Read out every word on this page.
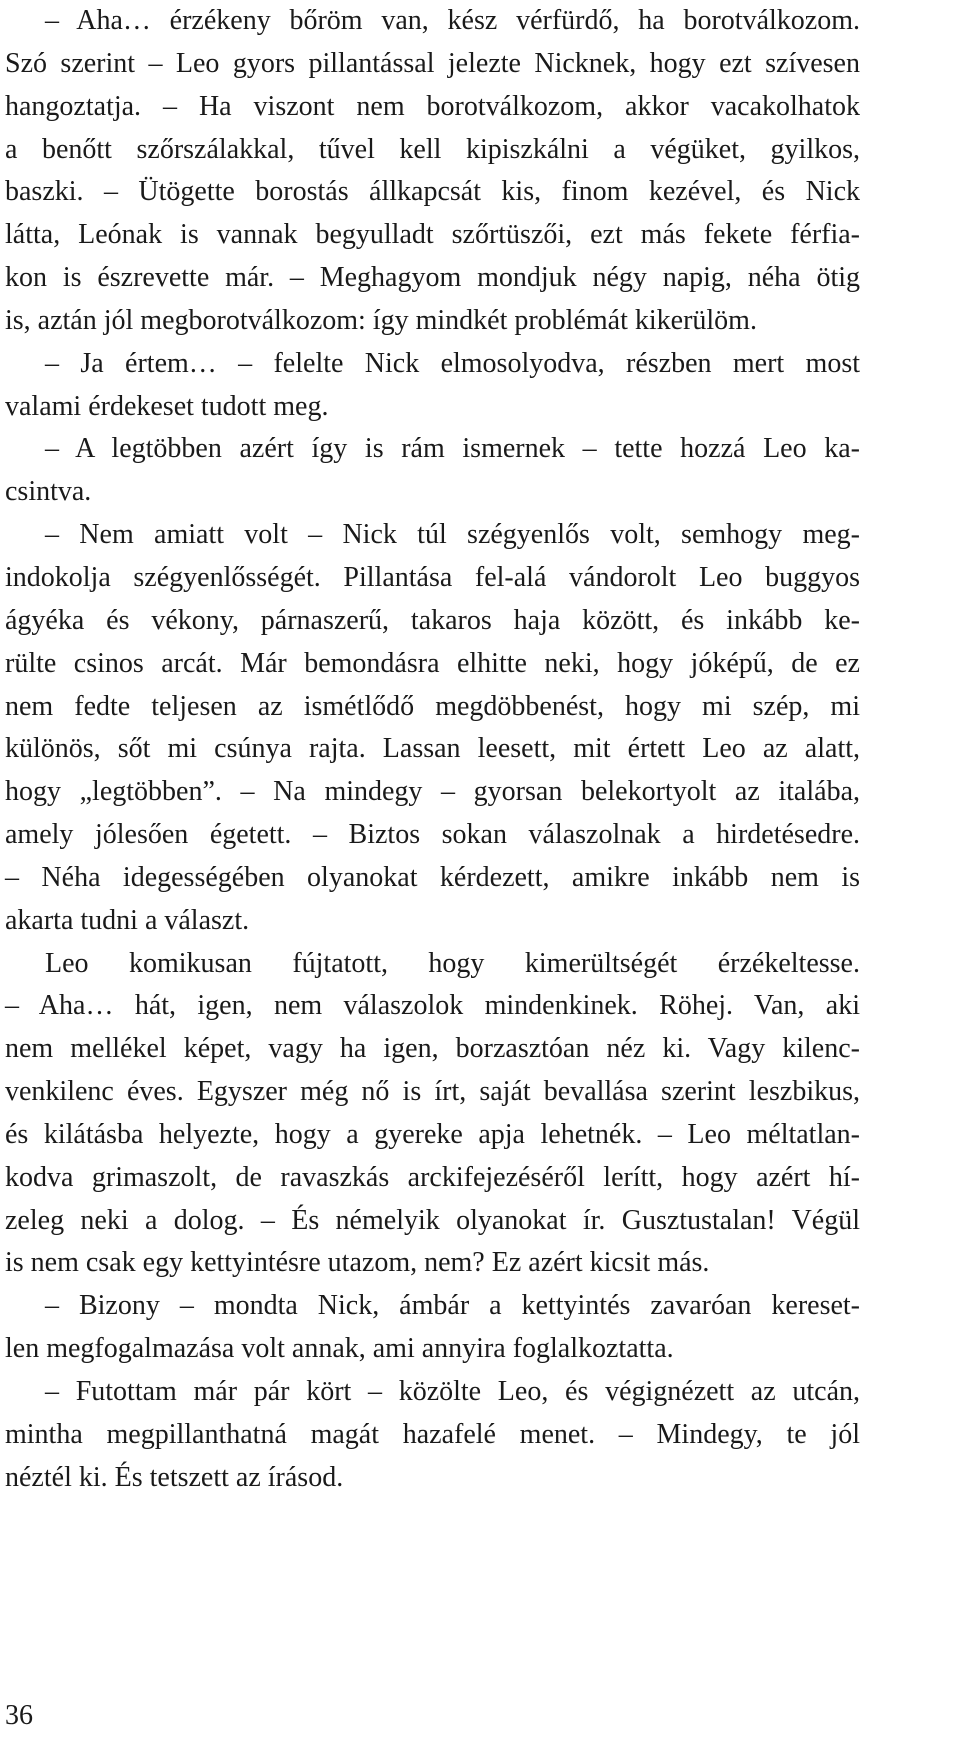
– Aha… érzékeny bőröm van, kész vérfürdő, ha borotválkozom.
Szó szerint – Leo gyors pillantással jelezte Nicknek, hogy ezt szívesen
hangoztatja. – Ha viszont nem borotválkozom, akkor vacakolhatok
a benőtt szőrszálakkal, tűvel kell kipiszkálni a végüket, gyilkos,
baszki. – Ütögette borostás állkapcsát kis, finom kezével, és Nick
látta, Leónak is vannak begyulladt szőrtüszői, ezt más fekete férfia-
kon is észrevette már. – Meghagyom mondjuk négy napig, néha ötig
is, aztán jól megborotválkozom: így mindkét problémát kikerülöm.
– Ja értem… – felelte Nick elmosolyodva, részben mert most
valami érdekeset tudott meg.
– A legtöbben azért így is rám ismernek – tette hozzá Leo ka-
csintva.
– Nem amiatt volt – Nick túl szégyenlős volt, semhogy meg-
indokolja szégyenlősségét. Pillantása fel-alá vándorolt Leo buggyos
ágyéka és vékony, párnaszerű, takaros haja között, és inkább ke-
rülte csinos arcát. Már bemondásra elhitte neki, hogy jóképű, de ez
nem fedte teljesen az ismétlődő megdöbbenést, hogy mi szép, mi
különös, sőt mi csúnya rajta. Lassan leesett, mit értett Leo az alatt,
hogy „legtöbben”. – Na mindegy – gyorsan belekortyolt az italába,
amely jólesően égetett. – Biztos sokan válaszolnak a hirdetésedre.
– Néha idegességében olyanokat kérdezett, amikre inkább nem is
akarta tudni a választ.
Leo komikusan fújtatott, hogy kimerültségét érzékeltesse.
– Aha… hát, igen, nem válaszolok mindenkinek. Röhej. Van, aki
nem mellékel képet, vagy ha igen, borzasztóan néz ki. Vagy kilenc-
venkilenc éves. Egyszer még nő is írt, saját bevallása szerint leszbikus,
és kilátásba helyezte, hogy a gyereke apja lehetnék. – Leo méltatlan-
kodva grimaszolt, de ravaszkás arckifejezéséről lerítt, hogy azért hí-
zeleg neki a dolog. – És némelyik olyanokat ír. Gusztustalan! Végül
is nem csak egy kettyintésre utazom, nem? Ez azért kicsit más.
– Bizony – mondta Nick, ámbár a kettyintés zavaróan kereset-
len megfogalmazása volt annak, ami annyira foglalkoztatta.
– Futottam már pár kört – közölte Leo, és végignézett az utcán,
mintha megpillanthatná magát hazafelé menet. – Mindegy, te jól
néztél ki. És tetszett az írásod.
36
